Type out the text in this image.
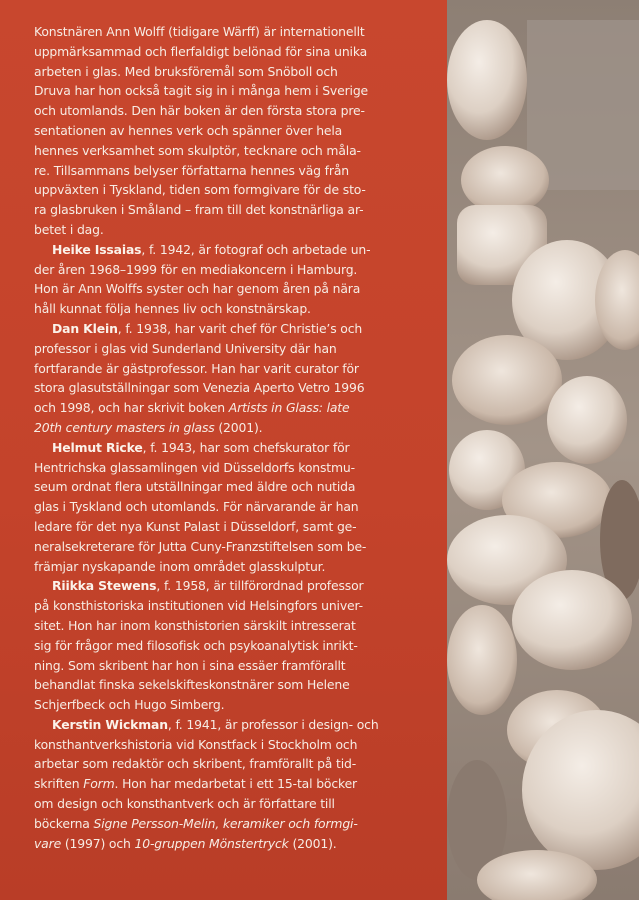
Konstnären Ann Wolff (tidigare Wärff) är internationellt
uppmärksammad och flerfaldigt belönad för sina unika
arbeten i glas. Med bruksföremål som Snöboll och
Druva har hon också tagit sig in i många hem i Sverige
och utomlands. Den här boken är den första stora pre-
sentationen av hennes verk och spänner över hela
hennes verksamhet som skulptör, tecknare och måla-
re. Tillsammans belyser författarna hennes väg från
uppväxten i Tyskland, tiden som formgivare för de sto-
ra glasbruken i Småland – fram till det konstnärliga ar-
betet i dag.

Heike Issaias, f. 1942, är fotograf och arbetade un-
der åren 1968–1999 för en mediakoncern i Hamburg.
Hon är Ann Wolffs syster och har genom åren på nära
håll kunnat följa hennes liv och konstnärskap.

Dan Klein, f. 1938, har varit chef för Christie’s och
professor i glas vid Sunderland University där han
fortfarande är gästprofessor. Han har varit curator för
stora glasutställningar som Venezia Aperto Vetro 1996
och 1998, och har skrivit boken Artists in Glass: late
20th century masters in glass (2001).

Helmut Ricke, f. 1943, har som chefskurator för
Hentrichska glassamlingen vid Düsseldorfs konstmu-
seum ordnat flera utställningar med äldre och nutida
glas i Tyskland och utomlands. För närvarande är han
ledare för det nya Kunst Palast i Düsseldorf, samt ge-
neralsekreterare för Jutta Cuny-Franzstiftelsen som be-
främjar nyskapande inom området glasskulptur.

Riikka Stewens, f. 1958, är tillförordnad professor
på konsthistoriska institutionen vid Helsingfors univer-
sitet. Hon har inom konsthistorien särskilt intresserat
sig för frågor med filosofisk och psykoanalytisk inrikt-
ning. Som skribent har hon i sina essäer framförallt
behandlat finska sekelskifteskonstnärer som Helene
Schjerfbeck och Hugo Simberg.

Kerstin Wickman, f. 1941, är professor i design- och
konsthantverkshistoria vid Konstfack i Stockholm och
arbetar som redaktör och skribent, framförallt på tid-
skriften Form. Hon har medarbetat i ett 15-tal böcker
om design och konsthantverk och är författare till
böckerna Signe Persson-Melin, keramiker och formgi-
vare (1997) och 10-gruppen Mönstertryck (2001).
